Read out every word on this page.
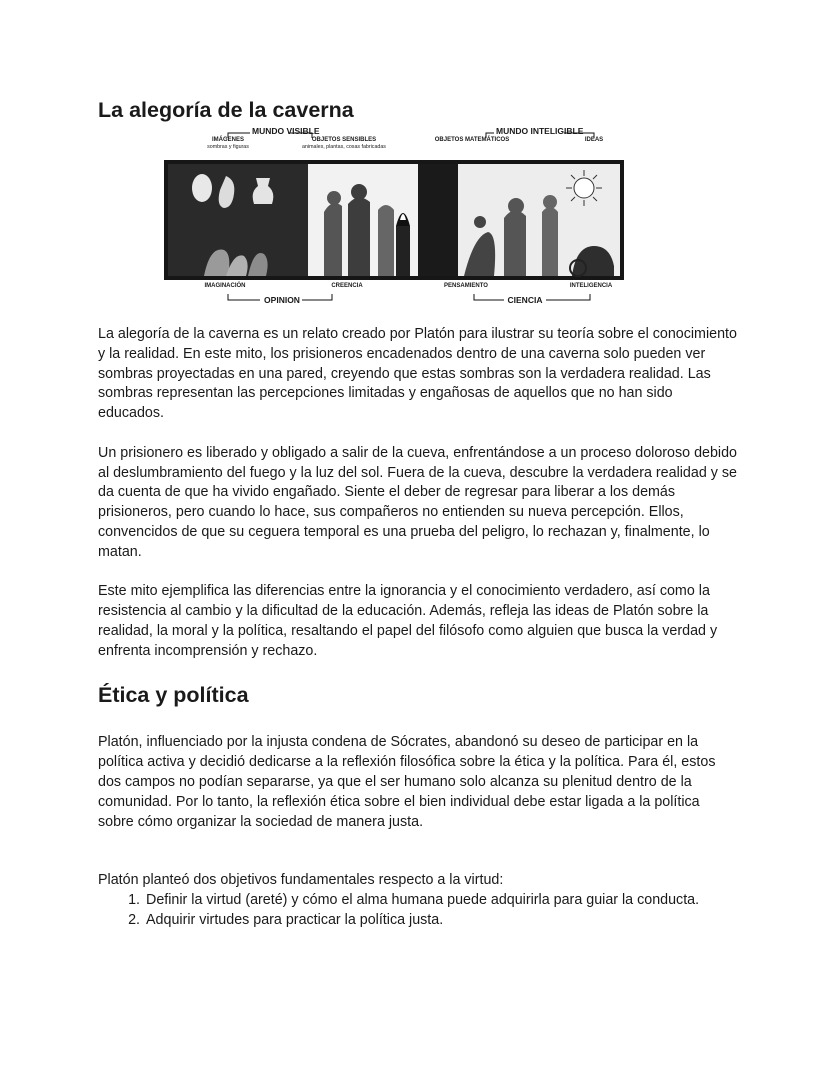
La alegoría de la caverna
MUNDO VISIBLE	MUNDO INTELIGIBLE
IMÁGENES
sombras y figuras
OBJETOS SENSIBLES
animales, plantas, cosas fabricadas
OBJETOS MATEMÁTICOS	IDEAS
IMAGINACIÓN	CREENCIA	PENSAMIENTO	INTELIGENCIA
OPINION	CIENCIA

La alegoría de la caverna es un relato creado por Platón para ilustrar su teoría sobre el conocimiento y la realidad. En este mito, los prisioneros encadenados dentro de una caverna solo pueden ver sombras proyectadas en una pared, creyendo que estas sombras son la verdadera realidad. Las sombras representan las percepciones limitadas y engañosas de aquellos que no han sido educados.

Un prisionero es liberado y obligado a salir de la cueva, enfrentándose a un proceso doloroso debido al deslumbramiento del fuego y la luz del sol. Fuera de la cueva, descubre la verdadera realidad y se da cuenta de que ha vivido engañado. Siente el deber de regresar para liberar a los demás prisioneros, pero cuando lo hace, sus compañeros no entienden su nueva percepción. Ellos, convencidos de que su ceguera temporal es una prueba del peligro, lo rechazan y, finalmente, lo matan.

Este mito ejemplifica las diferencias entre la ignorancia y el conocimiento verdadero, así como la resistencia al cambio y la dificultad de la educación. Además, refleja las ideas de Platón sobre la realidad, la moral y la política, resaltando el papel del filósofo como alguien que busca la verdad y enfrenta incomprensión y rechazo.

Ética y política

Platón, influenciado por la injusta condena de Sócrates, abandonó su deseo de participar en la política activa y decidió dedicarse a la reflexión filosófica sobre la ética y la política. Para él, estos dos campos no podían separarse, ya que el ser humano solo alcanza su plenitud dentro de la comunidad. Por lo tanto, la reflexión ética sobre el bien individual debe estar ligada a la política sobre cómo organizar la sociedad de manera justa.

Platón planteó dos objetivos fundamentales respecto a la virtud:

1. Definir la virtud (areté) y cómo el alma humana puede adquirirla para guiar la conducta.
2. Adquirir virtudes para practicar la política justa.
